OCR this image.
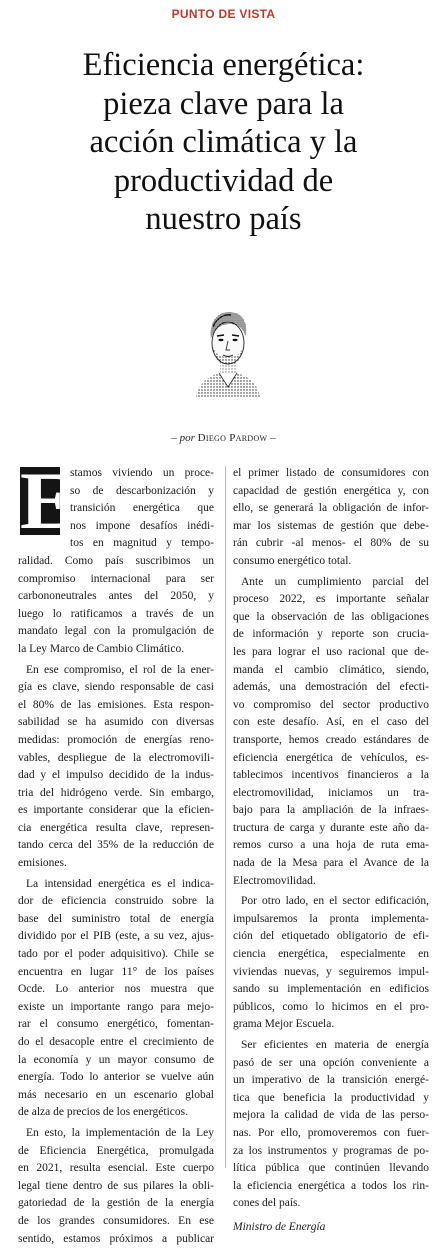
PUNTO DE VISTA
Eficiencia energética:
pieza clave para la
acción climática y la
productividad de
nuestro país
– por Diego Pardow –
E
stamos viviendo un proce-
so de descarbonización y
transición energética que
nos impone desafíos inédi-
tos en magnitud y tempo-
ralidad. Como país suscribimos un
compromiso internacional para ser
carbononeutrales antes del 2050, y
luego lo ratificamos a través de un
mandato legal con la promulgación de
la Ley Marco de Cambio Climático.
En ese compromiso, el rol de la ener-
gía es clave, siendo responsable de casi
el 80% de las emisiones. Esta respon-
sabilidad se ha asumido con diversas
medidas: promoción de energías reno-
vables, despliegue de la electromovili-
dad y el impulso decidido de la indus-
tria del hidrógeno verde. Sin embargo,
es importante considerar que la eficien-
cia energética resulta clave, represen-
tando cerca del 35% de la reducción de
emisiones.
La intensidad energética es el indica-
dor de eficiencia construido sobre la
base del suministro total de energía
dividido por el PIB (este, a su vez, ajus-
tado por el poder adquisitivo). Chile se
encuentra en lugar 11° de los países
Ocde. Lo anterior nos muestra que
existe un importante rango para mejo-
rar el consumo energético, fomentan-
do el desacople entre el crecimiento de
la economía y un mayor consumo de
energía. Todo lo anterior se vuelve aún
más necesario en un escenario global
de alza de precios de los energéticos.
En esto, la implementación de la Ley
de Eficiencia Energética, promulgada
en 2021, resulta esencial. Este cuerpo
legal tiene dentro de sus pilares la obli-
gatoriedad de la gestión de la energía
de los grandes consumidores. En ese
sentido, estamos próximos a publicar
el primer listado de consumidores con
capacidad de gestión energética y, con
ello, se generará la obligación de infor-
mar los sistemas de gestión que debe-
rán cubrir -al menos- el 80% de su
consumo energético total.
Ante un cumplimiento parcial del
proceso 2022, es importante señalar
que la observación de las obligaciones
de información y reporte son crucia-
les para lograr el uso racional que de-
manda el cambio climático, siendo,
además, una demostración del efecti-
vo compromiso del sector productivo
con este desafío. Así, en el caso del
transporte, hemos creado estándares de
eficiencia energética de vehículos, es-
tablecimos incentivos financieros a la
electromovilidad, iniciamos un tra-
bajo para la ampliación de la infraes-
tructura de carga y durante este año da-
remos curso a una hoja de ruta ema-
nada de la Mesa para el Avance de la
Electromovilidad.
Por otro lado, en el sector edificación,
impulsaremos la pronta implementa-
ción del etiquetado obligatorio de efi-
ciencia energética, especialmente en
viviendas nuevas, y seguiremos impul-
sando su implementación en edificios
públicos, como lo hicimos en el pro-
grama Mejor Escuela.
Ser eficientes en materia de energía
pasó de ser una opción conveniente a
un imperativo de la transición energé-
tica que beneficia la productividad y
mejora la calidad de vida de las perso-
nas. Por ello, promoveremos con fuer-
za los instrumentos y programas de po-
lítica pública que continúen llevando
la eficiencia energética a todos los rin-
cones del país.
Ministro de Energía
